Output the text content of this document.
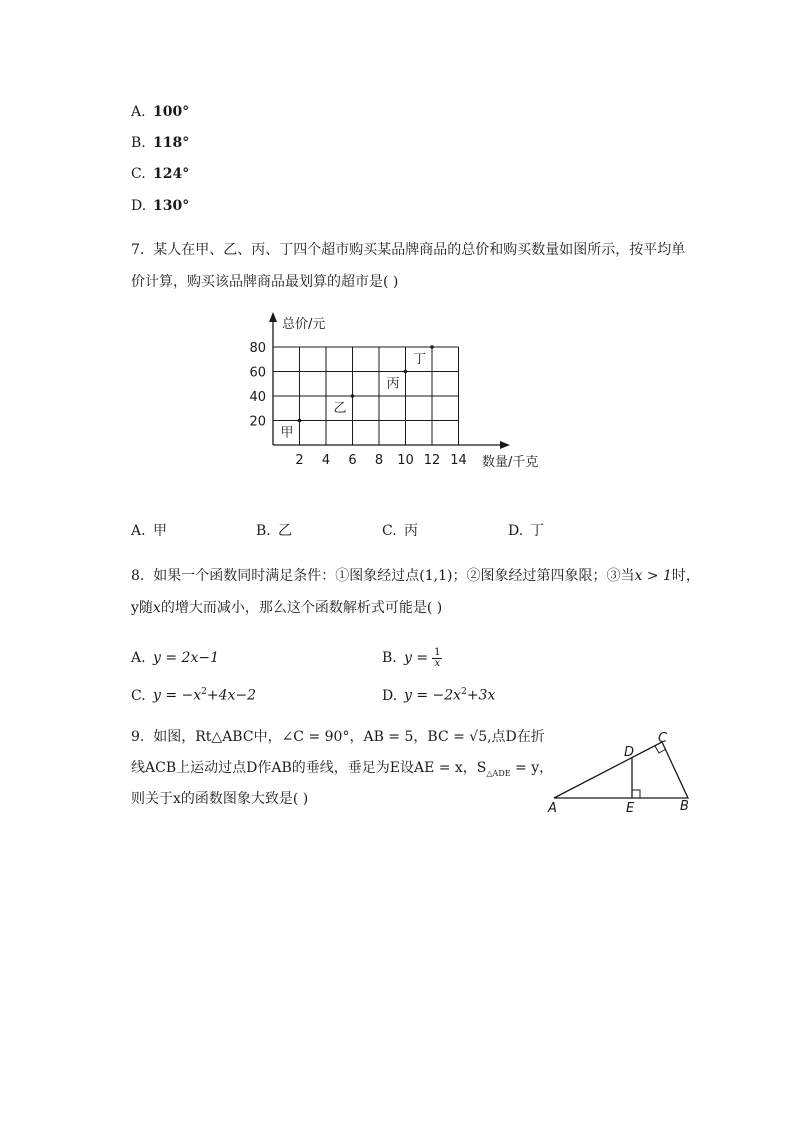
A. 100°
B. 118°
C. 124°
D. 130°
7. 某人在甲、乙、丙、丁四个超市购买某品牌商品的总价和购买数量如图所示，按平均单
价计算，购买该品牌商品最划算的超市是( )
2 4 6 8 10 12 14
20
40
60
80
甲
乙
丙
丁
总价/元
数量/千克
A. 甲	B. 乙	C. 丙	D. 丁
8. 如果一个函数同时满足条件：①图象经过点(1,1)；②图象经过第四象限；③当x > 1时，
y随x的增大而减小，那么这个函数解析式可能是( )
A. y = 2x−1	B. $y = \frac{1}{x}$
C. $y = -x^2+4x-2$	D. $y = -2x^2+3x$
9. 如图，Rt△ABC中，∠C = 90°，AB = 5，BC = √5,点D在折
线ACB上运动过点D作AB的垂线，垂足为E设AE = x，$S_{\triangle ADE} = y$，
则关于x的函数图象大致是( )
A	B
C
D
E
